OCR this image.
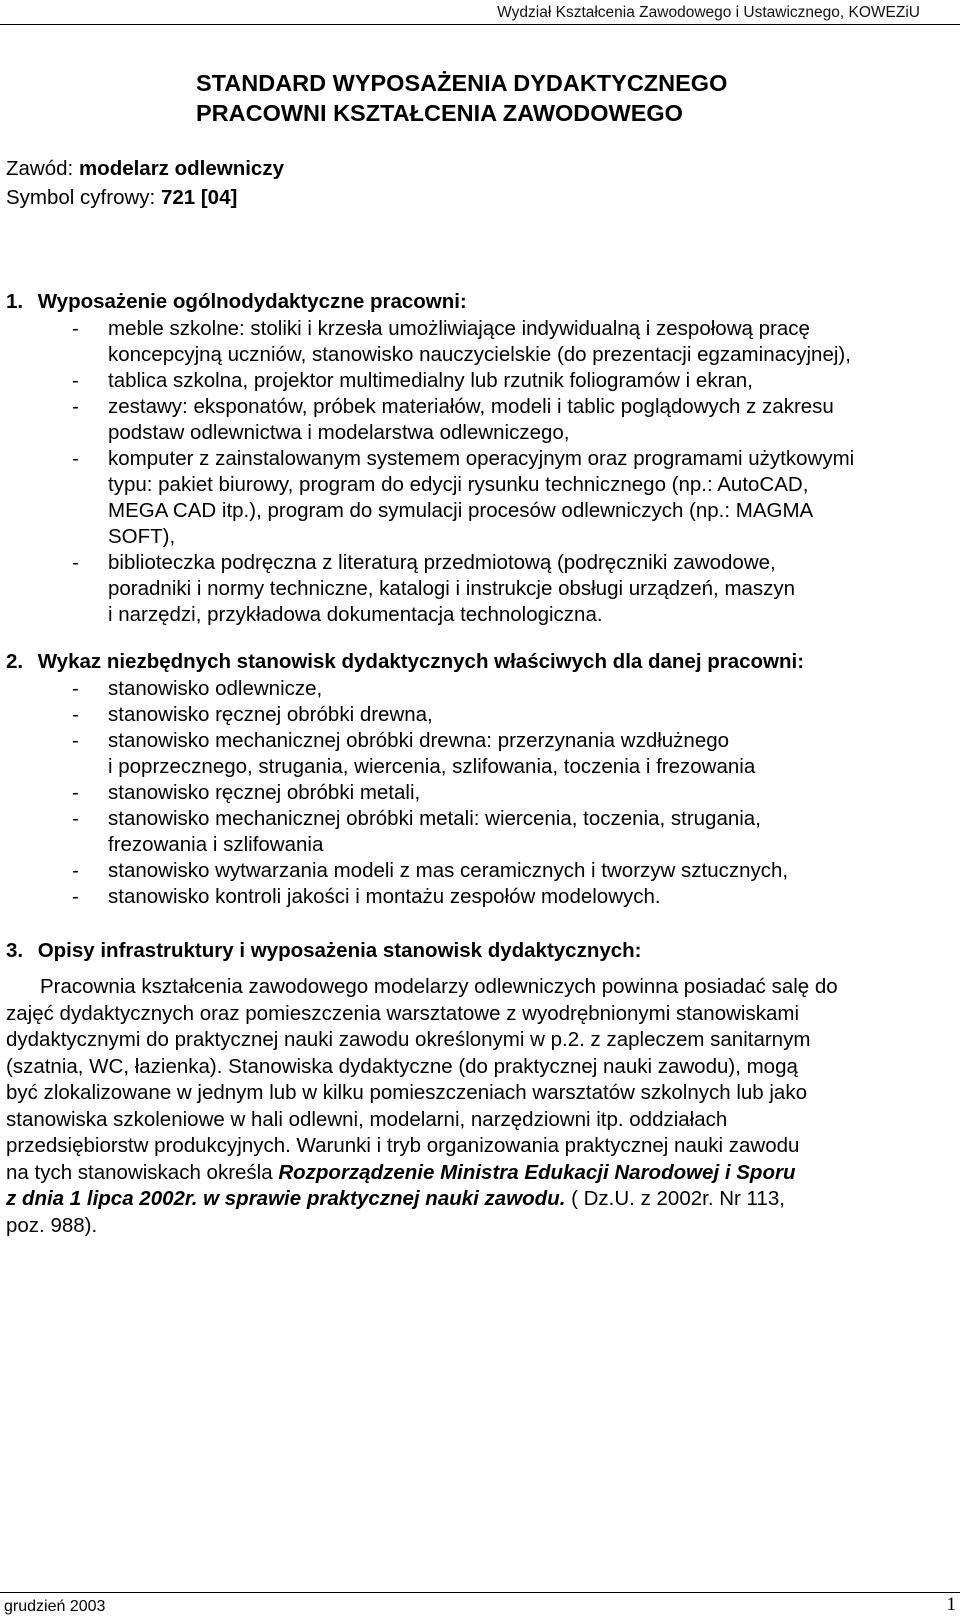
Wydział Kształcenia Zawodowego i Ustawicznego, KOWEZiU
STANDARD WYPOSAŻENIA DYDAKTYCZNEGO
PRACOWNI KSZTAŁCENIA ZAWODOWEGO
Zawód: modelarz odlewniczy
Symbol cyfrowy: 721 [04]
1. Wyposażenie ogólnodydaktyczne pracowni:
- meble szkolne: stoliki i krzesła umożliwiające indywidualną i zespołową pracę
koncepcyjną uczniów, stanowisko nauczycielskie (do prezentacji egzaminacyjnej),
- tablica szkolna, projektor multimedialny lub rzutnik foliogramów i ekran,
- zestawy: eksponatów, próbek materiałów, modeli i tablic poglądowych z zakresu
podstaw odlewnictwa i modelarstwa odlewniczego,
- komputer z zainstalowanym systemem operacyjnym oraz programami użytkowymi
typu: pakiet biurowy, program do edycji rysunku technicznego (np.: AutoCAD,
MEGA CAD itp.), program do symulacji procesów odlewniczych (np.: MAGMA
SOFT),
- biblioteczka podręczna z literaturą przedmiotową (podręczniki zawodowe,
poradniki i normy techniczne, katalogi i instrukcje obsługi urządzeń, maszyn
i narzędzi, przykładowa dokumentacja technologiczna.
2. Wykaz niezbędnych stanowisk dydaktycznych właściwych dla danej pracowni:
- stanowisko odlewnicze,
- stanowisko ręcznej obróbki drewna,
- stanowisko mechanicznej obróbki drewna: przerzynania wzdłużnego
i poprzecznego, strugania, wiercenia, szlifowania, toczenia i frezowania
- stanowisko ręcznej obróbki metali,
- stanowisko mechanicznej obróbki metali: wiercenia, toczenia, strugania,
frezowania i szlifowania
- stanowisko wytwarzania modeli z mas ceramicznych i tworzyw sztucznych,
- stanowisko kontroli jakości i montażu zespołów modelowych.
3. Opisy infrastruktury i wyposażenia stanowisk dydaktycznych:
Pracownia kształcenia zawodowego modelarzy odlewniczych powinna posiadać salę do
zajęć dydaktycznych oraz pomieszczenia warsztatowe z wyodrębnionymi stanowiskami
dydaktycznymi do praktycznej nauki zawodu określonymi w p.2. z zapleczem sanitarnym
(szatnia, WC, łazienka). Stanowiska dydaktyczne (do praktycznej nauki zawodu), mogą
być zlokalizowane w jednym lub w kilku pomieszczeniach warsztatów szkolnych lub jako
stanowiska szkoleniowe w hali odlewni, modelarni, narzędziowni itp. oddziałach
przedsiębiorstw produkcyjnych. Warunki i tryb organizowania praktycznej nauki zawodu
na tych stanowiskach określa Rozporządzenie Ministra Edukacji Narodowej i Sporu
z dnia 1 lipca 2002r. w sprawie praktycznej nauki zawodu. ( Dz.U. z 2002r. Nr 113,
poz. 988).
grudzień 2003	1
